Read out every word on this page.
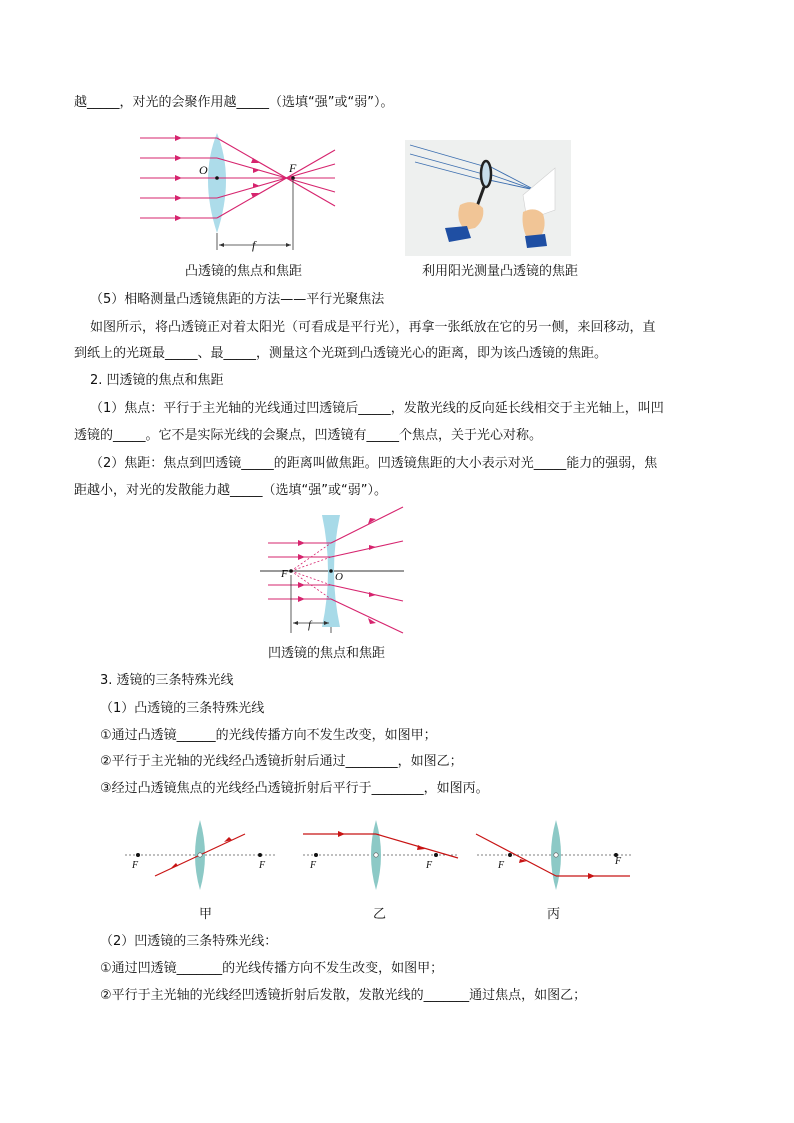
越_____，对光的会聚作用越_____（选填“强”或“弱”）。
O	F
f
凸透镜的焦点和焦距	利用阳光测量凸透镜的焦距
（5）相略测量凸透镜焦距的方法——平行光聚焦法
如图所示，将凸透镜正对着太阳光（可看成是平行光），再拿一张纸放在它的另一侧，来回移动，直
到纸上的光斑最_____、最_____，测量这个光斑到凸透镜光心的距离，即为该凸透镜的焦距。
2. 凹透镜的焦点和焦距
（1）焦点：平行于主光轴的光线通过凹透镜后_____，发散光线的反向延长线相交于主光轴上，叫凹
透镜的_____。它不是实际光线的会聚点，凹透镜有_____个焦点，关于光心对称。
（2）焦距：焦点到凹透镜_____的距离叫做焦距。凹透镜焦距的大小表示对光_____能力的强弱，焦
距越小，对光的发散能力越_____（选填“强”或“弱”）。
F	O
f
凹透镜的焦点和焦距
3. 透镜的三条特殊光线
（1）凸透镜的三条特殊光线
①通过凸透镜______的光线传播方向不发生改变，如图甲；
②平行于主光轴的光线经凸透镜折射后通过________，如图乙；
③经过凸透镜焦点的光线经凸透镜折射后平行于________，如图丙。
F	F
甲
F	F
乙
F	F
丙
（2）凹透镜的三条特殊光线：
①通过凹透镜_______的光线传播方向不发生改变，如图甲；
②平行于主光轴的光线经凹透镜折射后发散，发散光线的_______通过焦点，如图乙；
